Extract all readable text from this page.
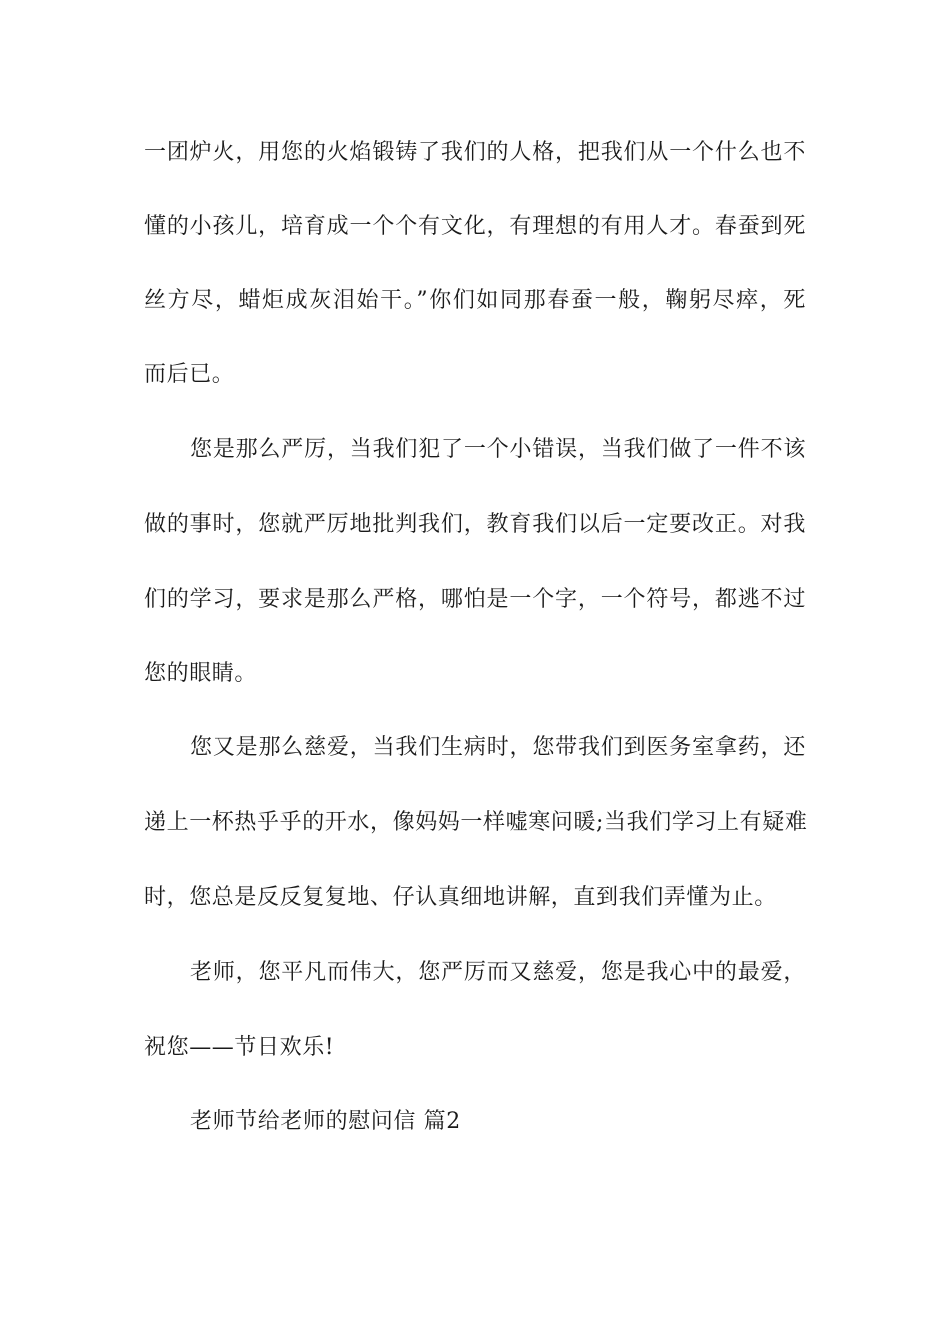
一团炉火，用您的火焰锻铸了我们的人格，把我们从一个什么也不
懂的小孩儿，培育成一个个有文化，有理想的有用人才。春蚕到死
丝方尽，蜡炬成灰泪始干。”你们如同那春蚕一般，鞠躬尽瘁，死
而后已。
您是那么严厉，当我们犯了一个小错误，当我们做了一件不该
做的事时，您就严厉地批判我们，教育我们以后一定要改正。对我
们的学习，要求是那么严格，哪怕是一个字，一个符号，都逃不过
您的眼睛。
您又是那么慈爱，当我们生病时，您带我们到医务室拿药，还
递上一杯热乎乎的开水，像妈妈一样嘘寒问暖;当我们学习上有疑难
时，您总是反反复复地、仔认真细地讲解，直到我们弄懂为止。
老师，您平凡而伟大，您严厉而又慈爱，您是我心中的最爱，
祝您——节日欢乐!
老师节给老师的慰问信 篇2
